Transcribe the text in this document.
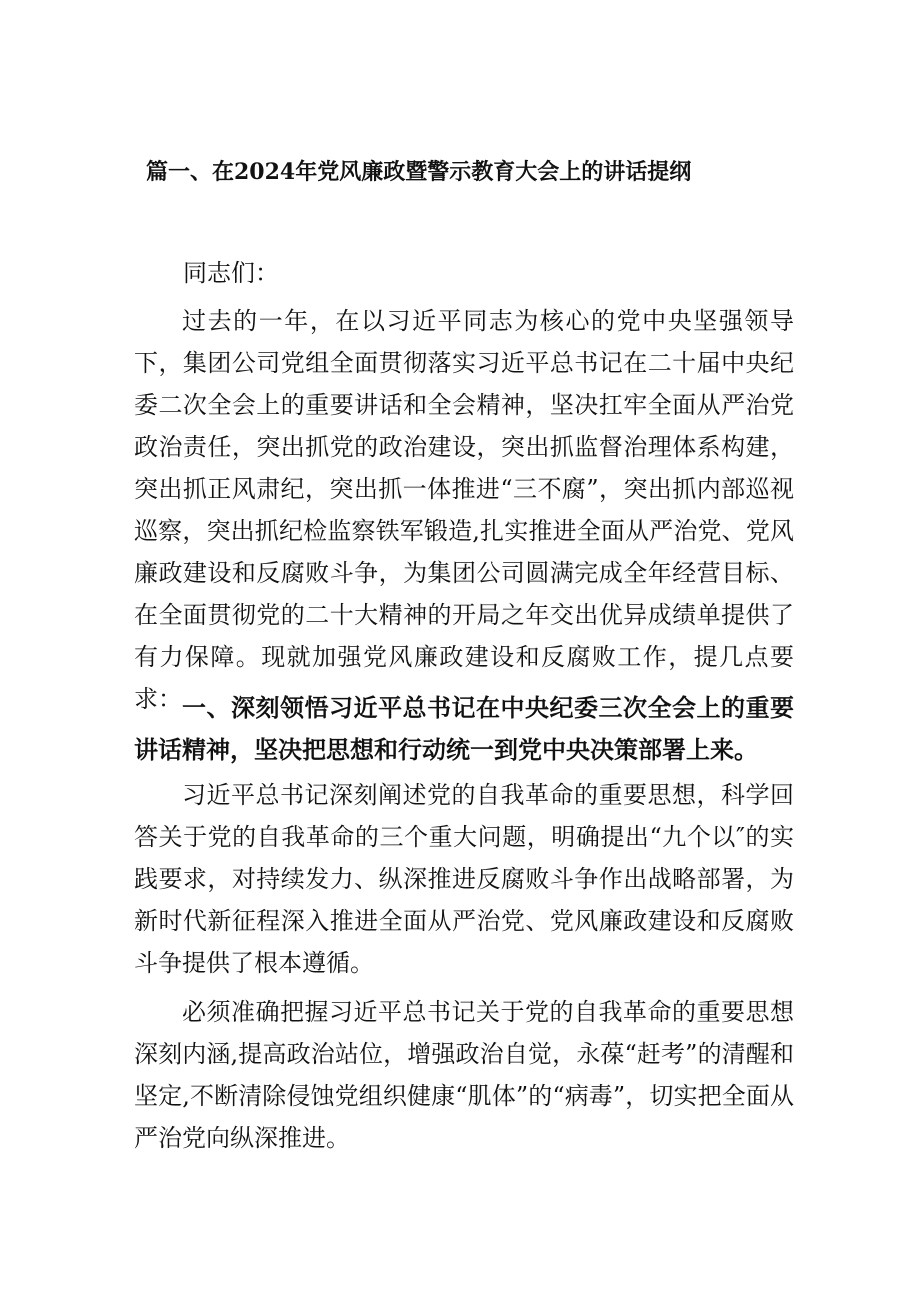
篇一、在2024年党风廉政暨警示教育大会上的讲话提纲

同志们：

过去的一年，在以习近平同志为核心的党中央坚强领导下，集团公司党组全面贯彻落实习近平总书记在二十届中央纪委二次全会上的重要讲话和全会精神，坚决扛牢全面从严治党政治责任，突出抓党的政治建设，突出抓监督治理体系构建，突出抓正风肃纪，突出抓一体推进“三不腐”，突出抓内部巡视巡察，突出抓纪检监察铁军锻造,扎实推进全面从严治党、党风廉政建设和反腐败斗争，为集团公司圆满完成全年经营目标、在全面贯彻党的二十大精神的开局之年交出优异成绩单提供了有力保障。现就加强党风廉政建设和反腐败工作，提几点要求： 一、深刻领悟习近平总书记在中央纪委三次全会上的重要讲话精神，坚决把思想和行动统一到党中央决策部署上来。

习近平总书记深刻阐述党的自我革命的重要思想，科学回答关于党的自我革命的三个重大问题，明确提出“九个以″的实践要求，对持续发力、纵深推进反腐败斗争作出战略部署，为新时代新征程深入推进全面从严治党、党风廉政建设和反腐败斗争提供了根本遵循。

必须准确把握习近平总书记关于党的自我革命的重要思想深刻内涵,提高政治站位，增强政治自觉，永葆“赶考”的清醒和坚定,不断清除侵蚀党组织健康“肌体”的“病毒”，切实把全面从严治党向纵深推进。
